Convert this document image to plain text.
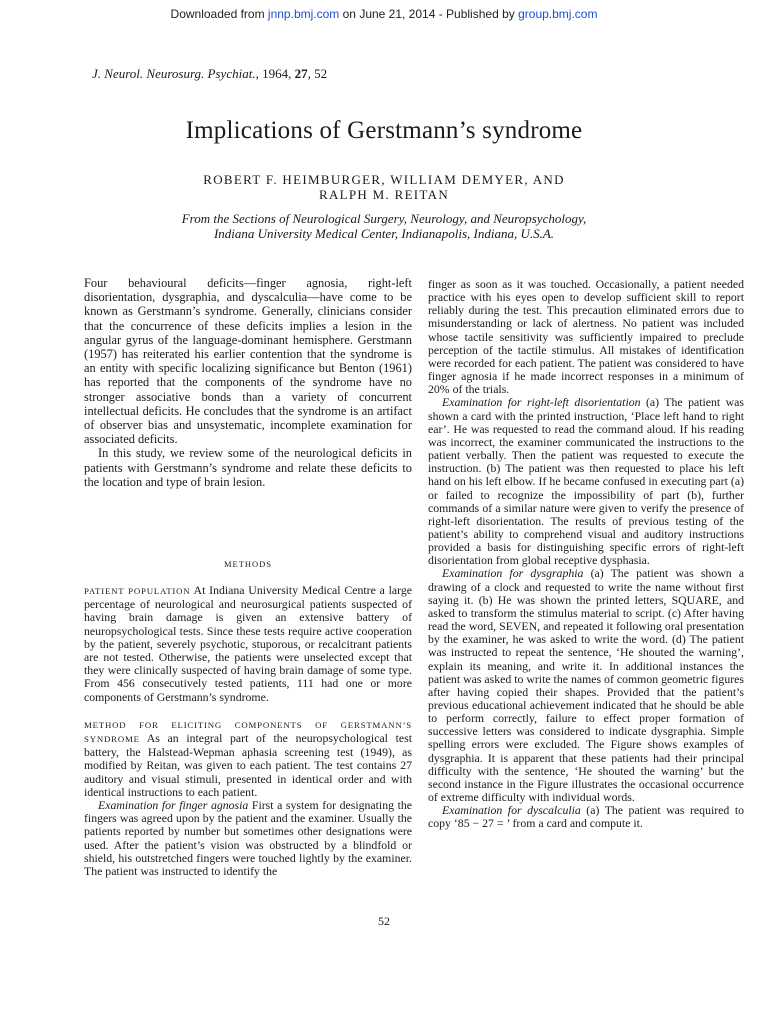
Downloaded from jnnp.bmj.com on June 21, 2014 - Published by group.bmj.com
J. Neurol. Neurosurg. Psychiat., 1964, 27, 52
Implications of Gerstmann’s syndrome
ROBERT F. HEIMBURGER, WILLIAM DEMYER, AND
RALPH M. REITAN
From the Sections of Neurological Surgery, Neurology, and Neuropsychology,
Indiana University Medical Center, Indianapolis, Indiana, U.S.A.

Four behavioural deficits—finger agnosia, right-left disorientation, dysgraphia, and dyscalculia—have come to be known as Gerstmann’s syndrome. Generally, clinicians consider that the concurrence of these deficits implies a lesion in the angular gyrus of the language-dominant hemisphere. Gerstmann (1957) has reiterated his earlier contention that the syndrome is an entity with specific localizing significance but Benton (1961) has reported that the components of the syndrome have no stronger associative bonds than a variety of concurrent intellectual deficits. He concludes that the syndrome is an artifact of observer bias and unsystematic, incomplete examination for associated deficits.

In this study, we review some of the neurological deficits in patients with Gerstmann’s syndrome and relate these deficits to the location and type of brain lesion.

METHODS

PATIENT POPULATION At Indiana University Medical Centre a large percentage of neurological and neurosurgical patients suspected of having brain damage is given an extensive battery of neuropsychological tests. Since these tests require active cooperation by the patient, severely psychotic, stuporous, or recalcitrant patients are not tested. Otherwise, the patients were unselected except that they were clinically suspected of having brain damage of some type. From 456 consecutively tested patients, 111 had one or more components of Gerstmann’s syndrome.

METHOD FOR ELICITING COMPONENTS OF GERSTMANN’S SYNDROME As an integral part of the neuropsychological test battery, the Halstead-Wepman aphasia screening test (1949), as modified by Reitan, was given to each patient. The test contains 27 auditory and visual stimuli, presented in identical order and with identical instructions to each patient.

Examination for finger agnosia First a system for designating the fingers was agreed upon by the patient and the examiner. Usually the patients reported by number but sometimes other designations were used. After the patient’s vision was obstructed by a blindfold or shield, his outstretched fingers were touched lightly by the examiner. The patient was instructed to identify the

finger as soon as it was touched. Occasionally, a patient needed practice with his eyes open to develop sufficient skill to report reliably during the test. This precaution eliminated errors due to misunderstanding or lack of alertness. No patient was included whose tactile sensitivity was sufficiently impaired to preclude perception of the tactile stimulus. All mistakes of identification were recorded for each patient. The patient was considered to have finger agnosia if he made incorrect responses in a minimum of 20% of the trials.

Examination for right-left disorientation (a) The patient was shown a card with the printed instruction, ‘Place left hand to right ear’. He was requested to read the command aloud. If his reading was incorrect, the examiner communicated the instructions to the patient verbally. Then the patient was requested to execute the instruction. (b) The patient was then requested to place his left hand on his left elbow. If he became confused in executing part (a) or failed to recognize the impossibility of part (b), further commands of a similar nature were given to verify the presence of right-left disorientation. The results of previous testing of the patient’s ability to comprehend visual and auditory instructions provided a basis for distinguishing specific errors of right-left disorientation from global receptive dysphasia.

Examination for dysgraphia (a) The patient was shown a drawing of a clock and requested to write the name without first saying it. (b) He was shown the printed letters, SQUARE, and asked to transform the stimulus material to script. (c) After having read the word, SEVEN, and repeated it following oral presentation by the examiner, he was asked to write the word. (d) The patient was instructed to repeat the sentence, ‘He shouted the warning’, explain its meaning, and write it. In additional instances the patient was asked to write the names of common geometric figures after having copied their shapes. Provided that the patient’s previous educational achievement indicated that he should be able to perform correctly, failure to effect proper formation of successive letters was considered to indicate dysgraphia. Simple spelling errors were excluded. The Figure shows examples of dysgraphia. It is apparent that these patients had their principal difficulty with the sentence, ‘He shouted the warning’ but the second instance in the Figure illustrates the occasional occurrence of extreme difficulty with individual words.

Examination for dyscalculia (a) The patient was required to copy ‘85 − 27 = ’ from a card and compute it.

52
